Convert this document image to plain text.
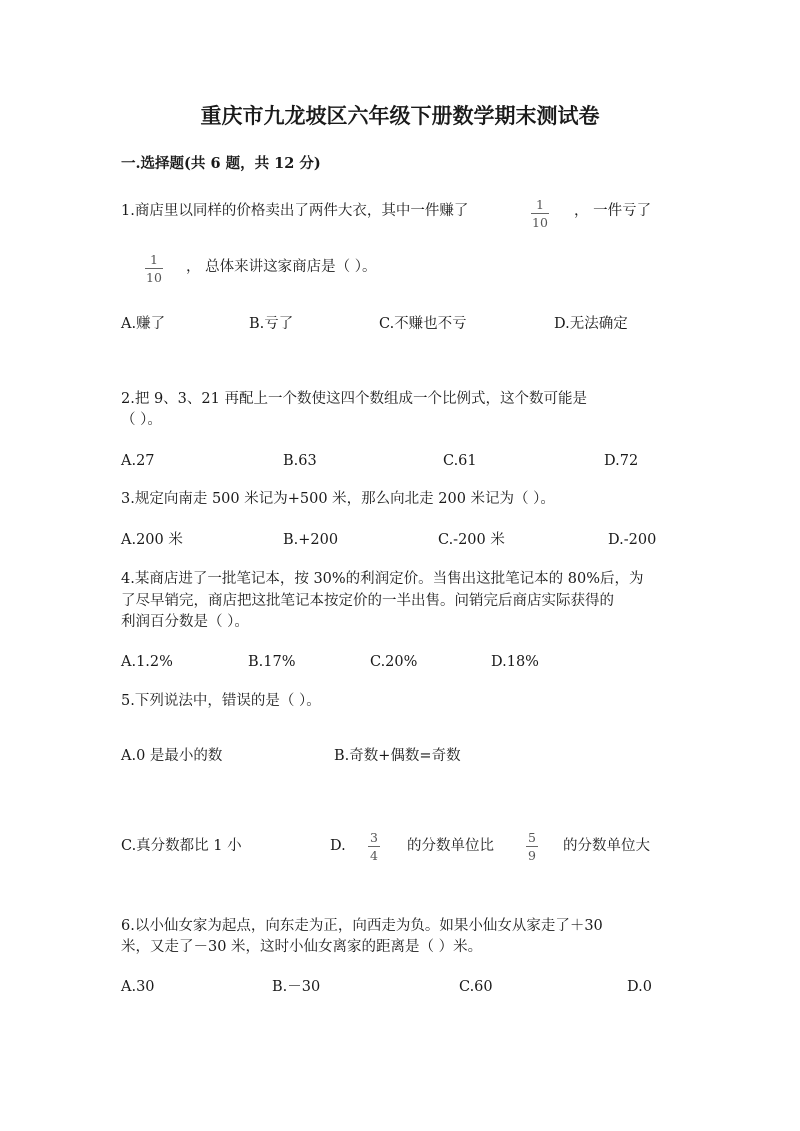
重庆市九龙坡区六年级下册数学期末测试卷
一.选择题(共 6 题，共 12 分)
1.商店里以同样的价格卖出了两件大衣，其中一件赚了	1
10
， 一件亏了
1
10
， 总体来讲这家商店是（ ）。
A.赚了	B.亏了	C.不赚也不亏	D.无法确定
2.把 9、3、21 再配上一个数使这四个数组成一个比例式，这个数可能是
（ ）。
A.27	B.63	C.61	D.72
3.规定向南走 500 米记为+500 米，那么向北走 200 米记为（ ）。
A.200 米	B.+200	C.-200 米	D.-200
4.某商店进了一批笔记本，按 30%的利润定价。当售出这批笔记本的 80%后，为
了尽早销完，商店把这批笔记本按定价的一半出售。问销完后商店实际获得的
利润百分数是（ ）。
A.1.2%	B.17%	C.20%	D.18%
5.下列说法中，错误的是（ ）。
A.0 是最小的数	B.奇数+偶数=奇数
C.真分数都比 1 小	D.
3
4
的分数单位比
5
9
的分数单位大
6.以小仙女家为起点，向东走为正，向西走为负。如果小仙女从家走了＋30
米，又走了－30 米，这时小仙女离家的距离是（ ）米。
A.30	B.－30	C.60	D.0
